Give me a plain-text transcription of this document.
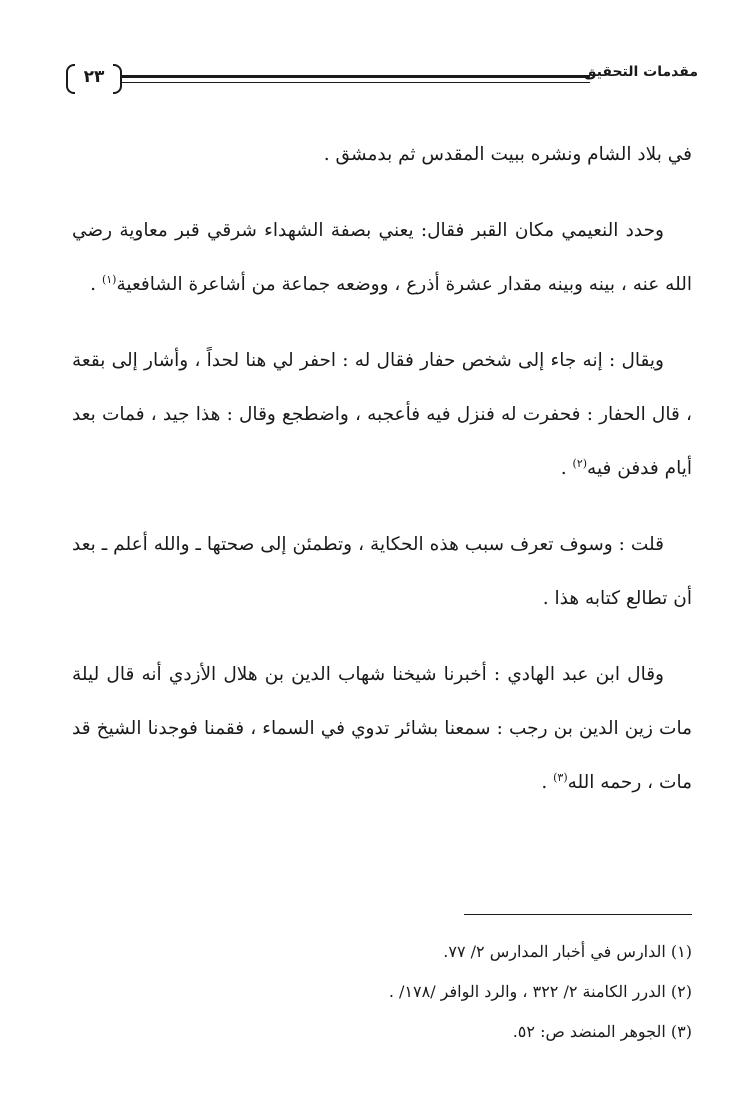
٢٣	مقدمات التحقيق

في بلاد الشام ونشره ببيت المقدس ثم بدمشق .

وحدد النعيمي مكان القبر فقال: يعني بصفة الشهداء شرقي قبر معاوية رضي الله عنه ، بينه وبينه مقدار عشرة أذرع ، ووضعه جماعة من أشاعرة الشافعية$^{(١)}$ .

ويقال : إنه جاء إلى شخص حفار فقال له : احفر لي هنا لحداً ، وأشار إلى بقعة ، قال الحفار : فحفرت له فنزل فيه فأعجبه ، واضطجع وقال : هذا جيد ، فمات بعد أيام فدفن فيه$^{(٢)}$ .

قلت : وسوف تعرف سبب هذه الحكاية ، وتطمئن إلى صحتها ـ والله أعلم ـ بعد أن تطالع كتابه هذا .

وقال ابن عبد الهادي : أخبرنا شيخنا شهاب الدين بن هلال الأزدي أنه قال ليلة مات زين الدين بن رجب : سمعنا بشائر تدوي في السماء ، فقمنا فوجدنا الشيخ قد مات ، رحمه الله$^{(٣)}$ .

(١) الدارس في أخبار المدارس ٢/ ٧٧.

(٢) الدرر الكامنة ٢/ ٣٢٢ ، والرد الوافر /١٧٨/ .

(٣) الجوهر المنضد ص: ٥٢.
